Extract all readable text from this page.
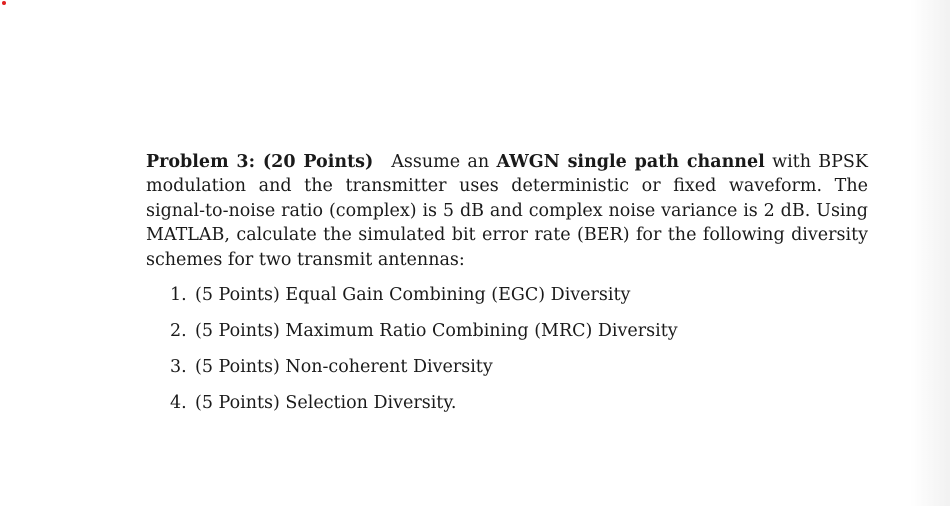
Problem 3: (20 Points) Assume an AWGN single path channel with BPSK modulation and the transmitter uses deterministic or fixed waveform. The signal-to-noise ratio (complex) is 5 dB and complex noise variance is 2 dB. Using MATLAB, calculate the simulated bit error rate (BER) for the following diversity schemes for two transmit antennas:

1. (5 Points) Equal Gain Combining (EGC) Diversity
2. (5 Points) Maximum Ratio Combining (MRC) Diversity
3. (5 Points) Non-coherent Diversity
4. (5 Points) Selection Diversity.
